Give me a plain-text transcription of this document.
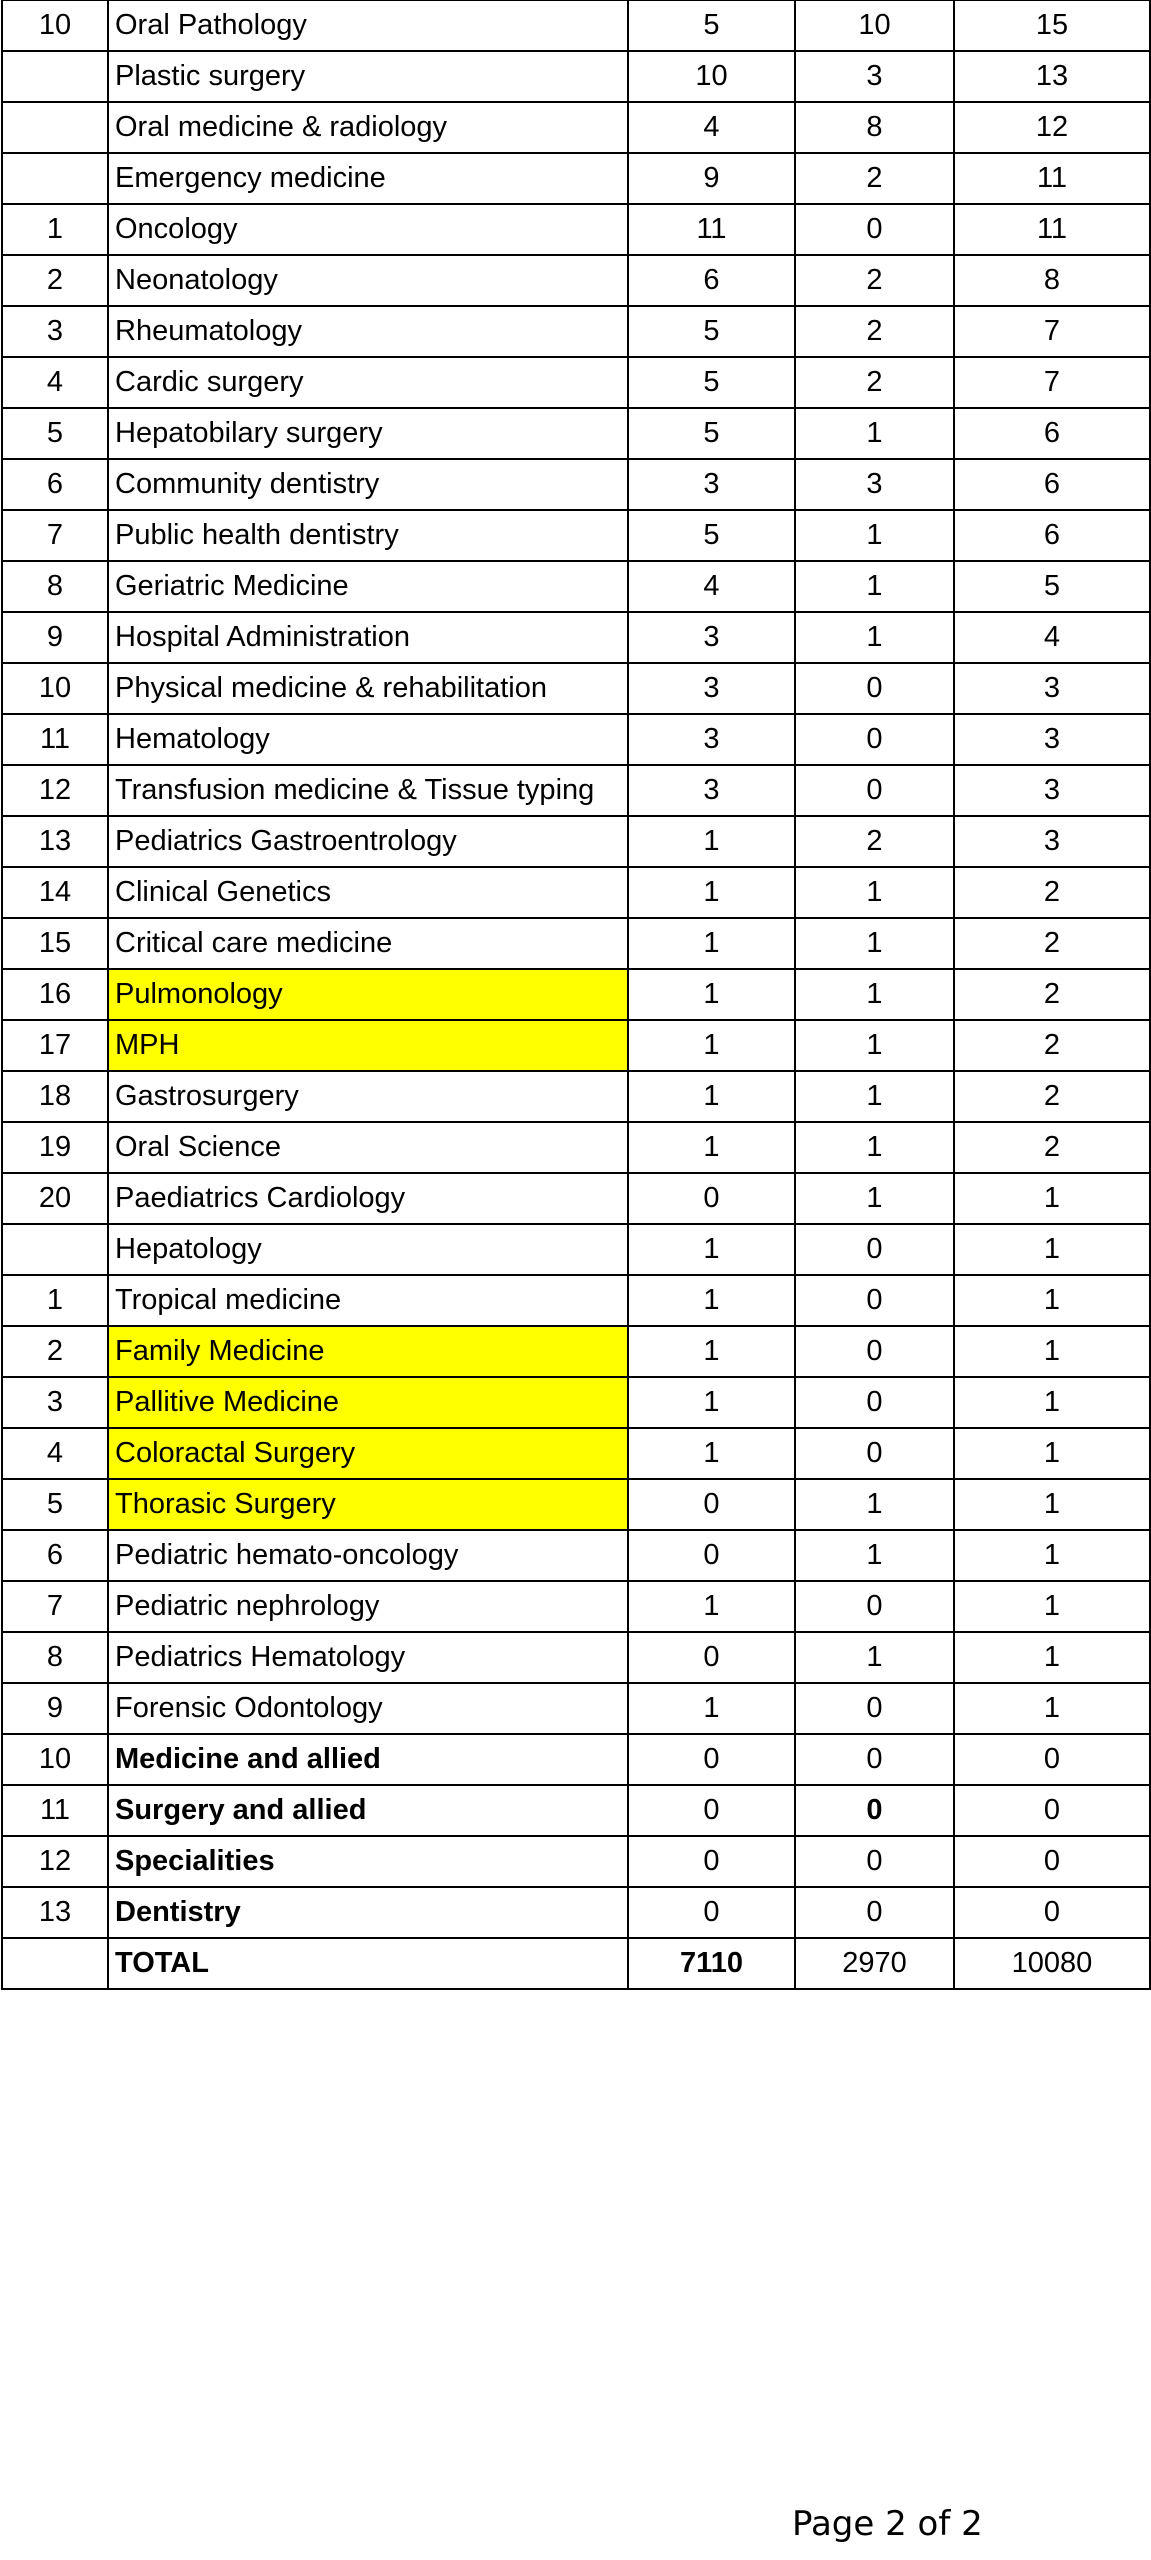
10	Oral Pathology	5	10	15
	Plastic surgery	10	3	13
	Oral medicine & radiology	4	8	12
	Emergency medicine	9	2	11
1	Oncology	11	0	11
2	Neonatology	6	2	8
3	Rheumatology	5	2	7
4	Cardic surgery	5	2	7
5	Hepatobilary surgery	5	1	6
6	Community dentistry	3	3	6
7	Public health dentistry	5	1	6
8	Geriatric Medicine	4	1	5
9	Hospital Administration	3	1	4
10	Physical medicine & rehabilitation	3	0	3
11	Hematology	3	0	3
12	Transfusion medicine & Tissue typing	3	0	3
13	Pediatrics Gastroentrology	1	2	3
14	Clinical Genetics	1	1	2
15	Critical care medicine	1	1	2
16	Pulmonology	1	1	2
17	MPH	1	1	2
18	Gastrosurgery	1	1	2
19	Oral Science	1	1	2
20	Paediatrics Cardiology	0	1	1
	Hepatology	1	0	1
1	Tropical medicine	1	0	1
2	Family Medicine	1	0	1
3	Pallitive Medicine	1	0	1
4	Coloractal Surgery	1	0	1
5	Thorasic Surgery	0	1	1
6	Pediatric hemato-oncology	0	1	1
7	Pediatric nephrology	1	0	1
8	Pediatrics Hematology	0	1	1
9	Forensic Odontology	1	0	1
10	Medicine and allied	0	0	0
11	Surgery and allied	0	0	0
12	Specialities	0	0	0
13	Dentistry	0	0	0
	TOTAL	7110	2970	10080
Page 2 of 2
